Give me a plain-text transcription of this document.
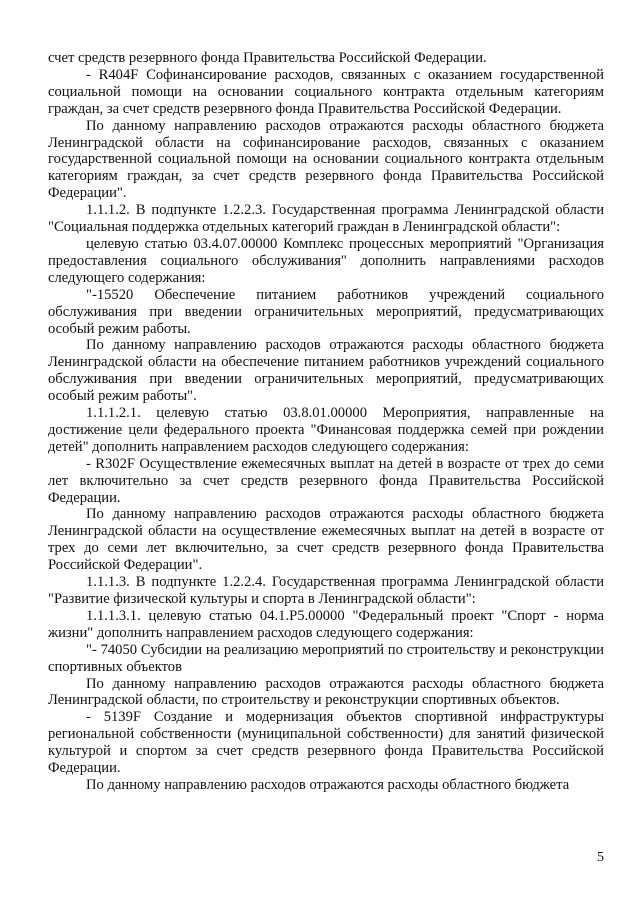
счет средств резервного фонда Правительства Российской Федерации.

- R404F Софинансирование расходов, связанных с оказанием государственной социальной помощи на основании социального контракта отдельным категориям граждан, за счет средств резервного фонда Правительства Российской Федерации.

По данному направлению расходов отражаются расходы областного бюджета Ленинградской области на софинансирование расходов, связанных с оказанием государственной социальной помощи на основании социального контракта отдельным категориям граждан, за счет средств резервного фонда Правительства Российской Федерации".

1.1.1.2. В подпункте 1.2.2.3. Государственная программа Ленинградской области "Социальная поддержка отдельных категорий граждан в Ленинградской области":

целевую статью 03.4.07.00000 Комплекс процессных мероприятий "Организация предоставления социального обслуживания" дополнить направлениями расходов следующего содержания:

"-15520 Обеспечение питанием работников учреждений социального обслуживания при введении ограничительных мероприятий, предусматривающих особый режим работы.

По данному направлению расходов отражаются расходы областного бюджета Ленинградской области на обеспечение питанием работников учреждений социального обслуживания при введении ограничительных мероприятий, предусматривающих особый режим работы".

1.1.1.2.1. целевую статью 03.8.01.00000 Мероприятия, направленные на достижение цели федерального проекта "Финансовая поддержка семей при рождении детей" дополнить направлением расходов следующего содержания:

- R302F Осуществление ежемесячных выплат на детей в возрасте от трех до семи лет включительно за счет средств резервного фонда Правительства Российской Федерации.

По данному направлению расходов отражаются расходы областного бюджета Ленинградской области на осуществление ежемесячных выплат на детей в возрасте от трех до семи лет включительно, за счет средств резервного фонда Правительства Российской Федерации".

1.1.1.3. В подпункте 1.2.2.4. Государственная программа Ленинградской области "Развитие физической культуры и спорта в Ленинградской области":

1.1.1.3.1. целевую статью 04.1.P5.00000 "Федеральный проект "Спорт - норма жизни" дополнить направлением расходов следующего содержания:

"- 74050 Субсидии на реализацию мероприятий по строительству и реконструкции спортивных объектов

По данному направлению расходов отражаются расходы областного бюджета Ленинградской области, по строительству и реконструкции спортивных объектов.

- 5139F Создание и модернизация объектов спортивной инфраструктуры региональной собственности (муниципальной собственности) для занятий физической культурой и спортом за счет средств резервного фонда Правительства Российской Федерации.

По данному направлению расходов отражаются расходы областного бюджета

5
